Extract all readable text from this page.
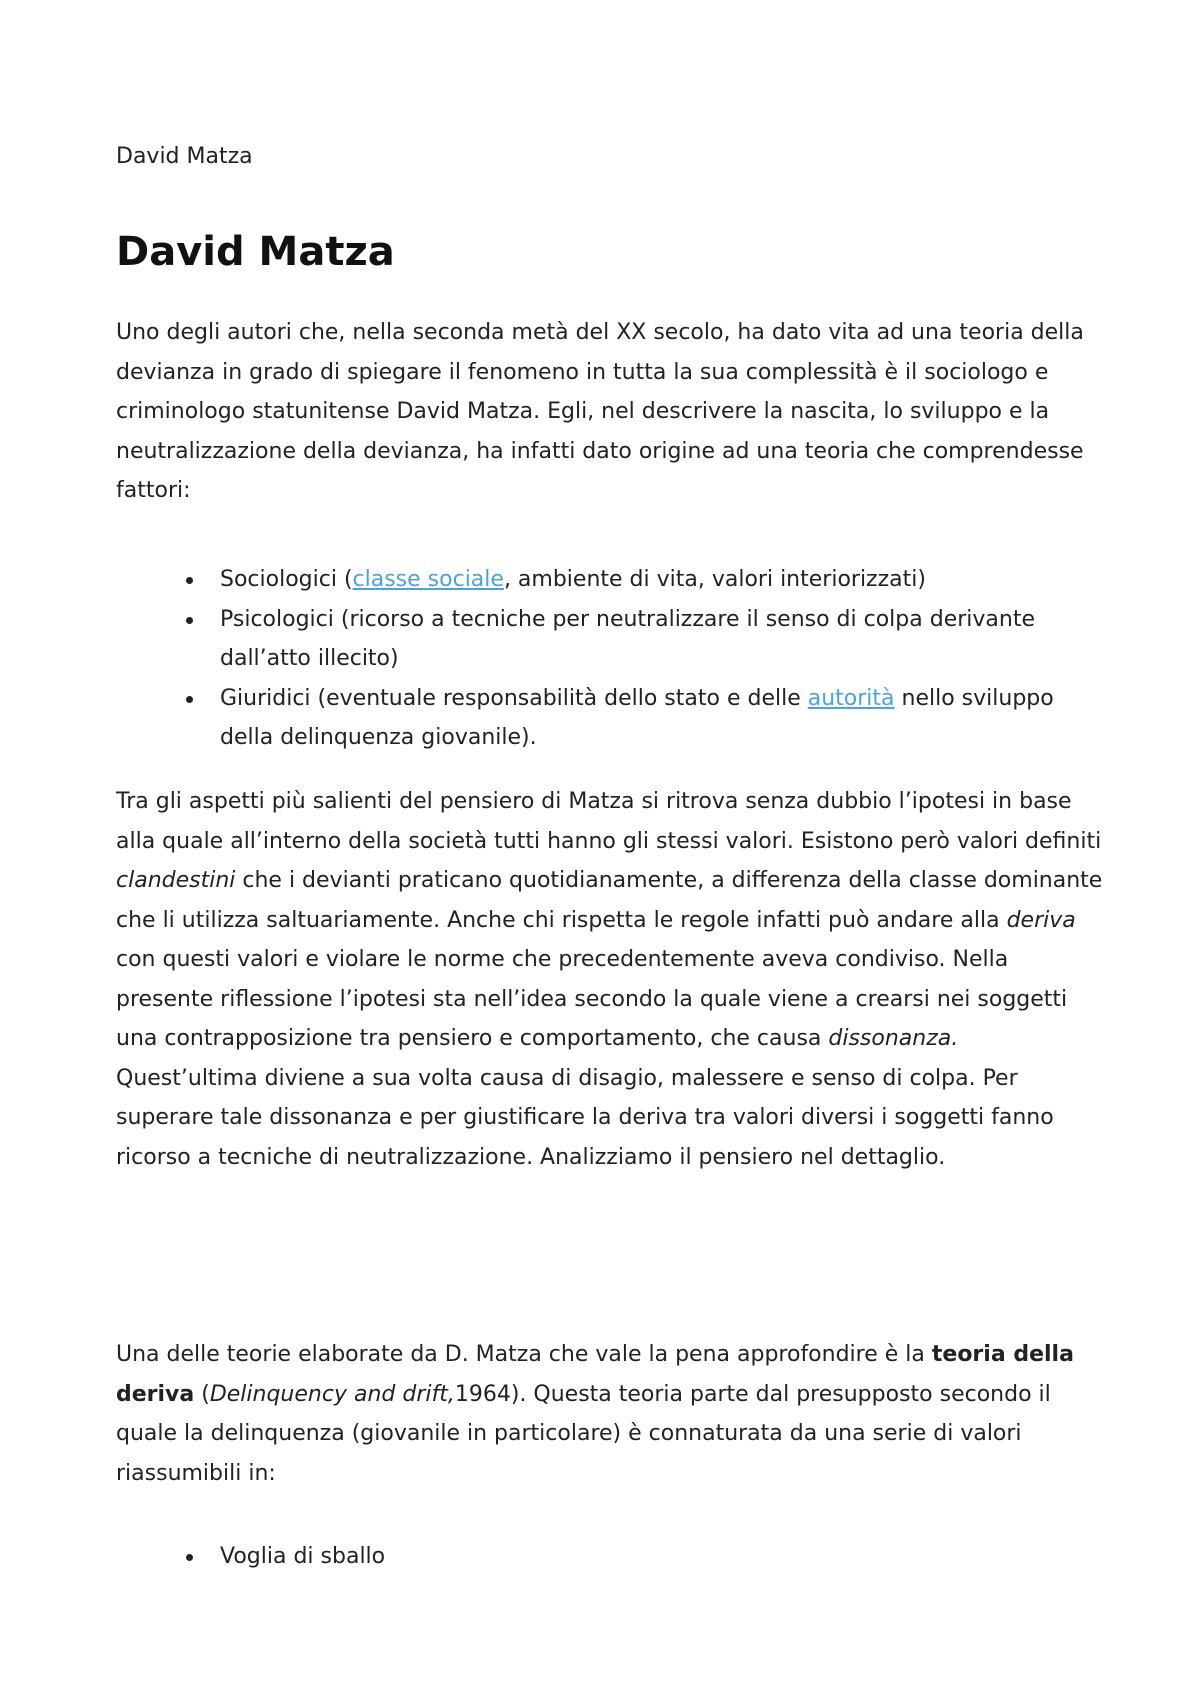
David Matza

David Matza

Uno degli autori che, nella seconda metà del XX secolo, ha dato vita ad una teoria della devianza in grado di spiegare il fenomeno in tutta la sua complessità è il sociologo e criminologo statunitense David Matza. Egli, nel descrivere la nascita, lo sviluppo e la neutralizzazione della devianza, ha infatti dato origine ad una teoria che comprendesse fattori:

Sociologici (classe sociale, ambiente di vita, valori interiorizzati)
Psicologici (ricorso a tecniche per neutralizzare il senso di colpa derivante dall’atto illecito)
Giuridici (eventuale responsabilità dello stato e delle autorità nello sviluppo della delinquenza giovanile).

Tra gli aspetti più salienti del pensiero di Matza si ritrova senza dubbio l’ipotesi in base alla quale all’interno della società tutti hanno gli stessi valori. Esistono però valori definiti clandestini che i devianti praticano quotidianamente, a differenza della classe dominante che li utilizza saltuariamente. Anche chi rispetta le regole infatti può andare alla deriva con questi valori e violare le norme che precedentemente aveva condiviso. Nella presente riflessione l’ipotesi sta nell’idea secondo la quale viene a crearsi nei soggetti una contrapposizione tra pensiero e comportamento, che causa dissonanza. Quest’ultima diviene a sua volta causa di disagio, malessere e senso di colpa. Per superare tale dissonanza e per giustificare la deriva tra valori diversi i soggetti fanno ricorso a tecniche di neutralizzazione. Analizziamo il pensiero nel dettaglio.

Una delle teorie elaborate da D. Matza che vale la pena approfondire è la teoria della deriva (Delinquency and drift,1964). Questa teoria parte dal presupposto secondo il quale la delinquenza (giovanile in particolare) è connaturata da una serie di valori riassumibili in:

Voglia di sballo
